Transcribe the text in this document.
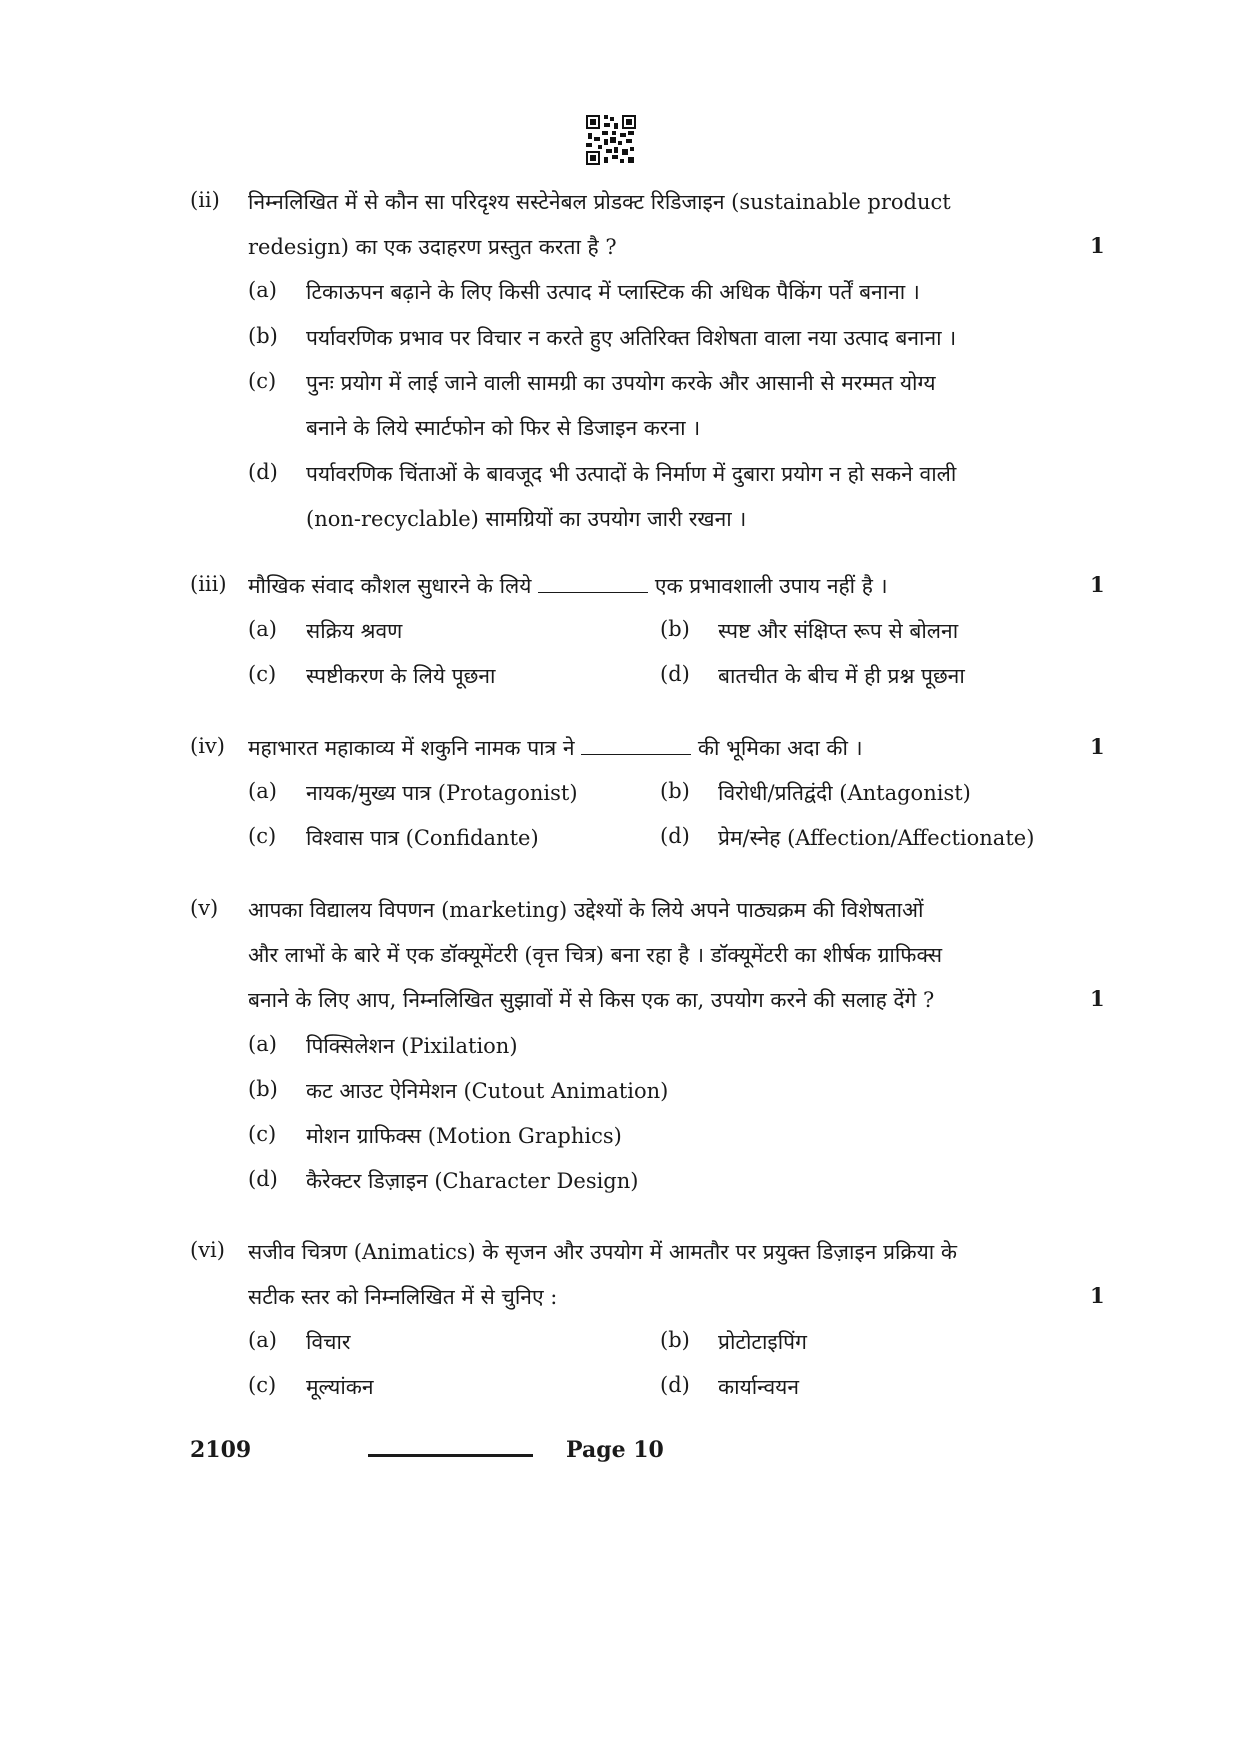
(ii) निम्नलिखित में से कौन सा परिदृश्य सस्टेनेबल प्रोडक्ट रिडिजाइन (sustainable product
redesign) का एक उदाहरण प्रस्तुत करता है ?	1
(a) टिकाऊपन बढ़ाने के लिए किसी उत्पाद में प्लास्टिक की अधिक पैकिंग पर्तें बनाना ।
(b) पर्यावरणिक प्रभाव पर विचार न करते हुए अतिरिक्त विशेषता वाला नया उत्पाद बनाना ।
(c) पुनः प्रयोग में लाई जाने वाली सामग्री का उपयोग करके और आसानी से मरम्मत योग्य
बनाने के लिये स्मार्टफोन को फिर से डिजाइन करना ।
(d) पर्यावरणिक चिंताओं के बावजूद भी उत्पादों के निर्माण में दुबारा प्रयोग न हो सकने वाली
(non-recyclable) सामग्रियों का उपयोग जारी रखना ।
(iii) मौखिक संवाद कौशल सुधारने के लिये	एक प्रभावशाली उपाय नहीं है ।	1
(a) सक्रिय श्रवण	(b) स्पष्ट और संक्षिप्त रूप से बोलना
(c) स्पष्टीकरण के लिये पूछना	(d) बातचीत के बीच में ही प्रश्न पूछना
(iv) महाभारत महाकाव्य में शकुनि नामक पात्र ने	की भूमिका अदा की ।	1
(a) नायक/मुख्य पात्र (Protagonist)	(b) विरोधी/प्रतिद्वंदी (Antagonist)
(c) विश्वास पात्र (Confidante)	(d) प्रेम/स्नेह (Affection/Affectionate)
(v) आपका विद्यालय विपणन (marketing) उद्देश्यों के लिये अपने पाठ्यक्रम की विशेषताओं
और लाभों के बारे में एक डॉक्यूमेंटरी (वृत्त चित्र) बना रहा है । डॉक्यूमेंटरी का शीर्षक ग्राफिक्स
बनाने के लिए आप, निम्नलिखित सुझावों में से किस एक का, उपयोग करने की सलाह देंगे ?	1
(a) पिक्सिलेशन (Pixilation)
(b) कट आउट ऐनिमेशन (Cutout Animation)
(c) मोशन ग्राफिक्स (Motion Graphics)
(d) कैरेक्टर डिज़ाइन (Character Design)
(vi) सजीव चित्रण (Animatics) के सृजन और उपयोग में आमतौर पर प्रयुक्त डिज़ाइन प्रक्रिया के
सटीक स्तर को निम्नलिखित में से चुनिए :	1
(a) विचार	(b) प्रोटोटाइपिंग
(c) मूल्यांकन	(d) कार्यान्वयन
2109	Page 10
